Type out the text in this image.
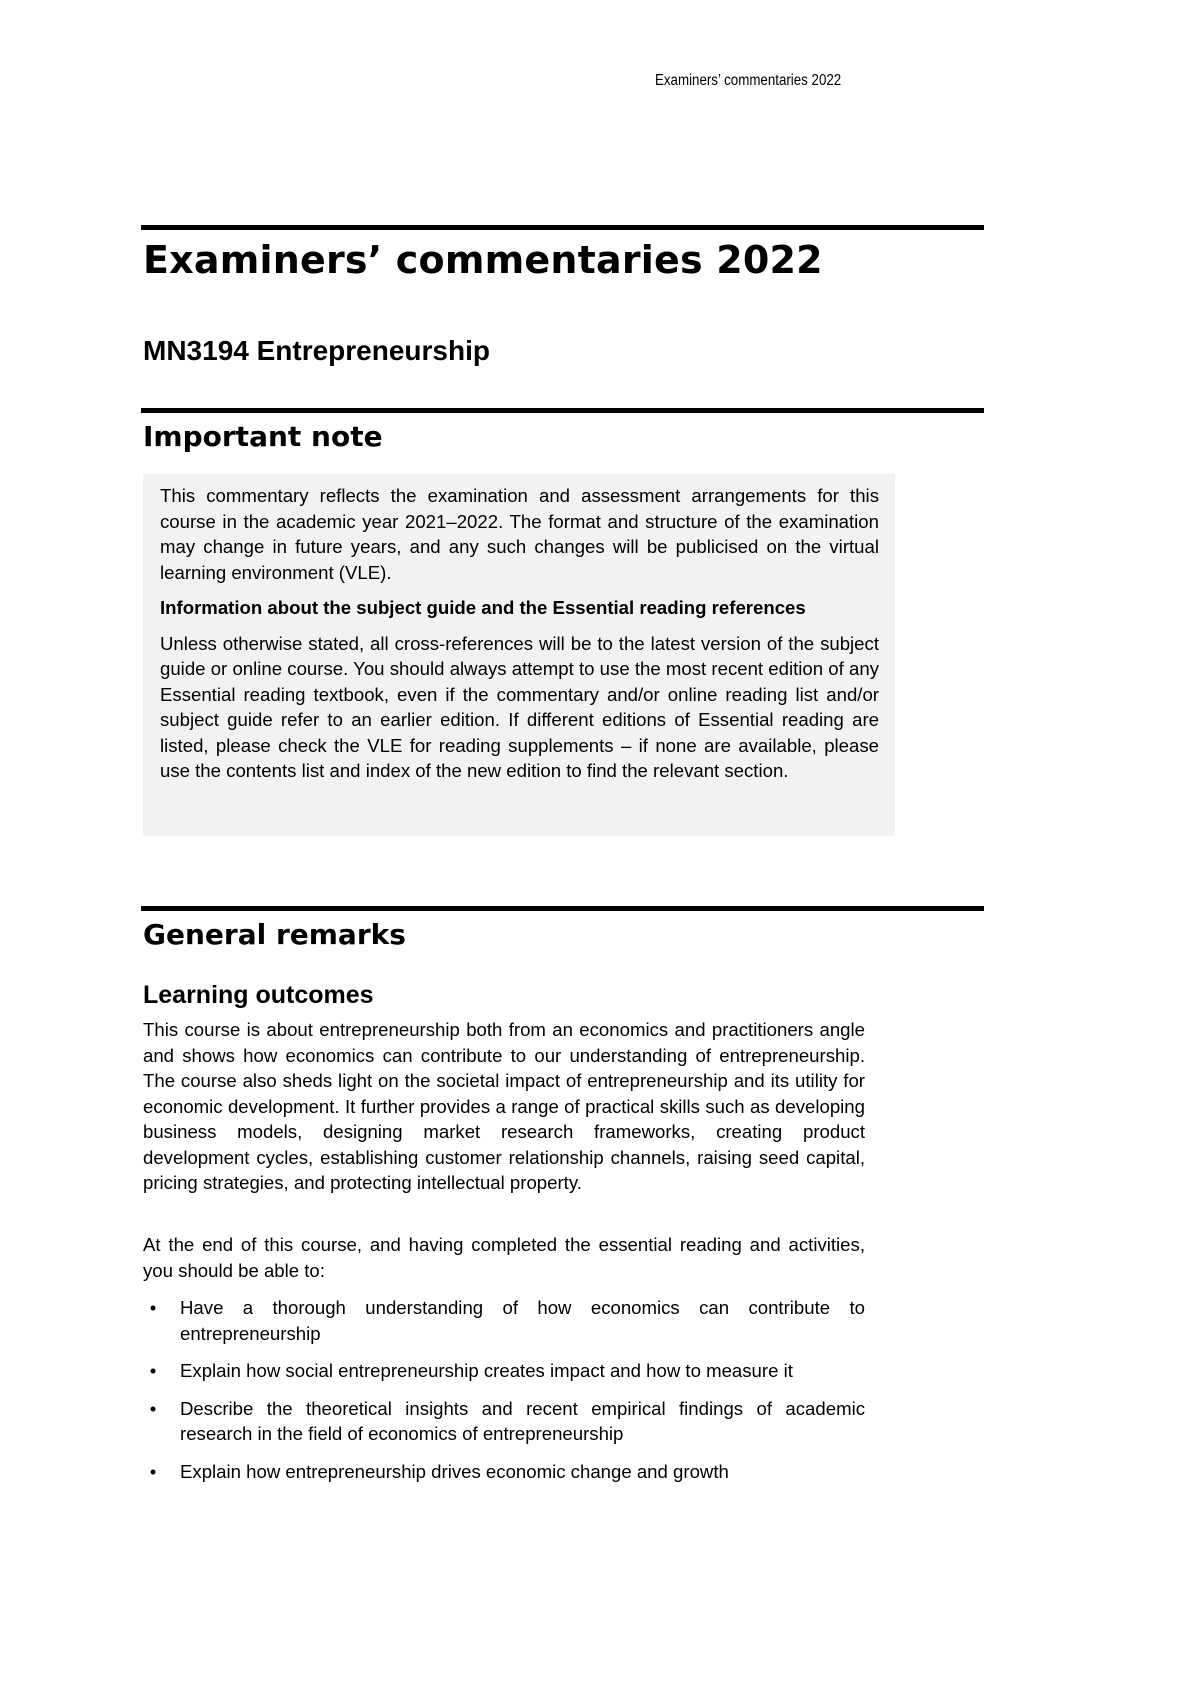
Examiners’ commentaries 2022
Examiners’ commentaries 2022
MN3194 Entrepreneurship
Important note

This commentary reflects the examination and assessment arrangements for this course in the academic year 2021–2022. The format and structure of the examination may change in future years, and any such changes will be publicised on the virtual learning environment (VLE).

Information about the subject guide and the Essential reading references

Unless otherwise stated, all cross-references will be to the latest version of the subject guide or online course. You should always attempt to use the most recent edition of any Essential reading textbook, even if the commentary and/or online reading list and/or subject guide refer to an earlier edition. If different editions of Essential reading are listed, please check the VLE for reading supplements – if none are available, please use the contents list and index of the new edition to find the relevant section.

General remarks
Learning outcomes

This course is about entrepreneurship both from an economics and practitioners angle and shows how economics can contribute to our understanding of entrepreneurship. The course also sheds light on the societal impact of entrepreneurship and its utility for economic development. It further provides a range of practical skills such as developing business models, designing market research frameworks, creating product development cycles, establishing customer relationship channels, raising seed capital, pricing strategies, and protecting intellectual property.

At the end of this course, and having completed the essential reading and activities, you should be able to:

•	Have a thorough understanding of how economics can contribute to entrepreneurship
•	Explain how social entrepreneurship creates impact and how to measure it
•	Describe the theoretical insights and recent empirical findings of academic research in the field of economics of entrepreneurship
•	Explain how entrepreneurship drives economic change and growth
